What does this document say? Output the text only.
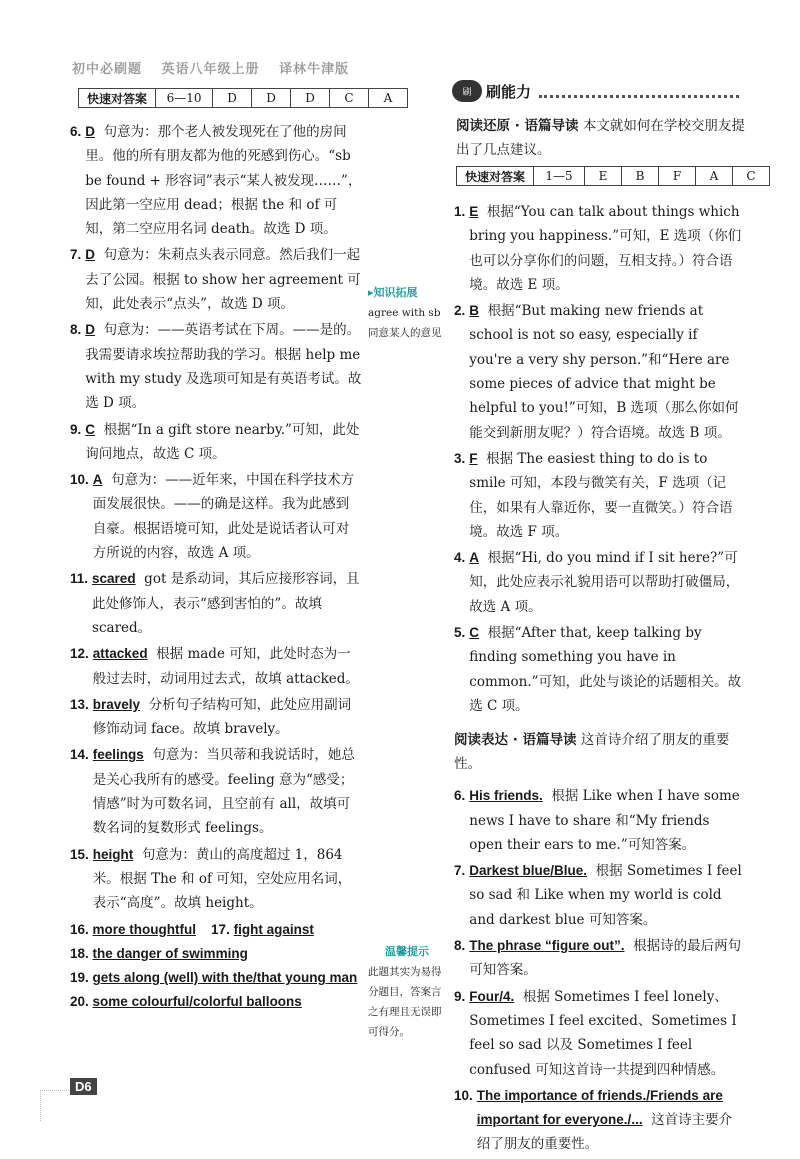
初中必刷题 英语八年级上册 译林牛津版
快速对答案	6—10	D	D	D	C	A
6. D 句意为：那个老人被发现死在了他的房间里。他的所有朋友都为他的死感到伤心。“sb be found + 形容词”表示“某人被发现……”，因此第一空应用 dead；根据 the 和 of 可知，第二空应用名词 death。故选 D 项。
7. D 句意为：朱莉点头表示同意。然后我们一起去了公园。根据 to show her agreement 可知，此处表示“点头”，故选 D 项。
8. D 句意为：——英语考试在下周。——是的。我需要请求埃拉帮助我的学习。根据 help me with my study 及选项可知是有英语考试。故选 D 项。
9. C 根据“In a gift store nearby.”可知，此处询问地点，故选 C 项。
10. A 句意为：——近年来，中国在科学技术方面发展很快。——的确是这样。我为此感到自豪。根据语境可知，此处是说话者认可对方所说的内容，故选 A 项。
11. scared got 是系动词，其后应接形容词，且此处修饰人，表示“感到害怕的”。故填 scared。
12. attacked 根据 made 可知，此处时态为一般过去时，动词用过去式，故填 attacked。
13. bravely 分析句子结构可知，此处应用副词修饰动词 face。故填 bravely。
14. feelings 句意为：当贝蒂和我说话时，她总是关心我所有的感受。feeling 意为“感受；情感”时为可数名词，且空前有 all，故填可数名词的复数形式 feelings。
15. height 句意为：黄山的高度超过 1，864 米。根据 The 和 of 可知，空处应用名词，表示“高度”。故填 height。
16. more thoughtful 17. fight against
18. the danger of swimming
19. gets along (well) with the/that young man
20. some colourful/colorful balloons
▸知识拓展
agree with sb 同意某人的意见
温馨提示
此题其实为易得分题目，答案言之有理且无误即可得分。
刷 刷能力
阅读还原 · 语篇导读 本文就如何在学校交朋友提出了几点建议。
快速对答案	1—5	E	B	F	A	C
1. E 根据“You can talk about things which bring you happiness.”可知，E 选项（你们也可以分享你们的问题，互相支持。）符合语境。故选 E 项。
2. B 根据“But making new friends at school is not so easy, especially if you're a very shy person.”和“Here are some pieces of advice that might be helpful to you!”可知，B 选项（那么你如何能交到新朋友呢？）符合语境。故选 B 项。
3. F 根据 The easiest thing to do is to smile 可知，本段与微笑有关，F 选项（记住，如果有人靠近你，要一直微笑。）符合语境。故选 F 项。
4. A 根据“Hi, do you mind if I sit here?”可知，此处应表示礼貌用语可以帮助打破僵局，故选 A 项。
5. C 根据“After that, keep talking by finding something you have in common.”可知，此处与谈论的话题相关。故选 C 项。
阅读表达 · 语篇导读 这首诗介绍了朋友的重要性。
6. His friends. 根据 Like when I have some news I have to share 和“My friends open their ears to me.”可知答案。
7. Darkest blue/Blue. 根据 Sometimes I feel so sad 和 Like when my world is cold and darkest blue 可知答案。
8. The phrase “figure out”. 根据诗的最后两句可知答案。
9. Four/4. 根据 Sometimes I feel lonely、Sometimes I feel excited、Sometimes I feel so sad 以及 Sometimes I feel confused 可知这首诗一共提到四种情感。
10. The importance of friends./Friends are important for everyone./... 这首诗主要介绍了朋友的重要性。
D6
